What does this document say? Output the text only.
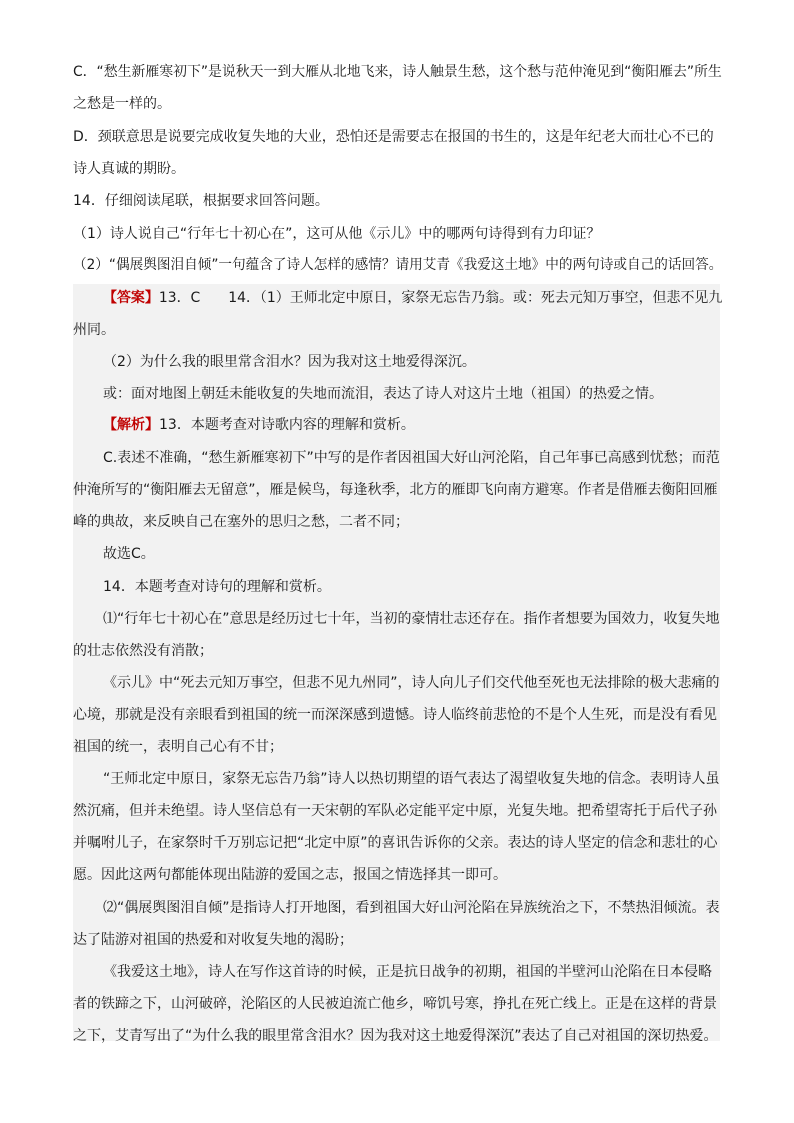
C．“愁生新雁寒初下”是说秋天一到大雁从北地飞来，诗人触景生愁，这个愁与范仲淹见到“衡阳雁去”所生
之愁是一样的。
D．颈联意思是说要完成收复失地的大业，恐怕还是需要志在报国的书生的，这是年纪老大而壮心不已的
诗人真诚的期盼。
14．仔细阅读尾联，根据要求回答问题。
（1）诗人说自己“行年七十初心在”，这可从他《示儿》中的哪两句诗得到有力印证？
（2）“偶展舆图泪自倾”一句蕴含了诗人怎样的感情？请用艾青《我爱这土地》中的两句诗或自己的话回答。
【答案】13．C　　14．（1）王师北定中原日，家祭无忘告乃翁。或：死去元知万事空，但悲不见九
州同。
（2）为什么我的眼里常含泪水？因为我对这土地爱得深沉。
或：面对地图上朝廷未能收复的失地而流泪，表达了诗人对这片土地（祖国）的热爱之情。
【解析】13．本题考查对诗歌内容的理解和赏析。
C.表述不准确，“愁生新雁寒初下”中写的是作者因祖国大好山河沦陷，自己年事已高感到忧愁；而范
仲淹所写的“衡阳雁去无留意”，雁是候鸟，每逢秋季，北方的雁即飞向南方避寒。作者是借雁去衡阳回雁
峰的典故，来反映自己在塞外的思归之愁，二者不同；
故选C。
14．本题考查对诗句的理解和赏析。
⑴“行年七十初心在”意思是经历过七十年，当初的豪情壮志还存在。指作者想要为国效力，收复失地
的壮志依然没有消散；
《示儿》中“死去元知万事空，但悲不见九州同”，诗人向儿子们交代他至死也无法排除的极大悲痛的
心境，那就是没有亲眼看到祖国的统一而深深感到遗憾。诗人临终前悲怆的不是个人生死，而是没有看见
祖国的统一，表明自己心有不甘；
“王师北定中原日，家祭无忘告乃翁”诗人以热切期望的语气表达了渴望收复失地的信念。表明诗人虽
然沉痛，但并未绝望。诗人坚信总有一天宋朝的军队必定能平定中原，光复失地。把希望寄托于后代子孙
并嘱咐儿子，在家祭时千万别忘记把“北定中原”的喜讯告诉你的父亲。表达的诗人坚定的信念和悲壮的心
愿。因此这两句都能体现出陆游的爱国之志，报国之情选择其一即可。
⑵“偶展舆图泪自倾”是指诗人打开地图，看到祖国大好山河沦陷在异族统治之下，不禁热泪倾流。表
达了陆游对祖国的热爱和对收复失地的渴盼；
《我爱这土地》，诗人在写作这首诗的时候，正是抗日战争的初期，祖国的半壁河山沦陷在日本侵略
者的铁蹄之下，山河破碎，沦陷区的人民被迫流亡他乡，啼饥号寒，挣扎在死亡线上。正是在这样的背景
之下，艾青写出了“为什么我的眼里常含泪水？因为我对这土地爱得深沉”表达了自己对祖国的深切热爱。
